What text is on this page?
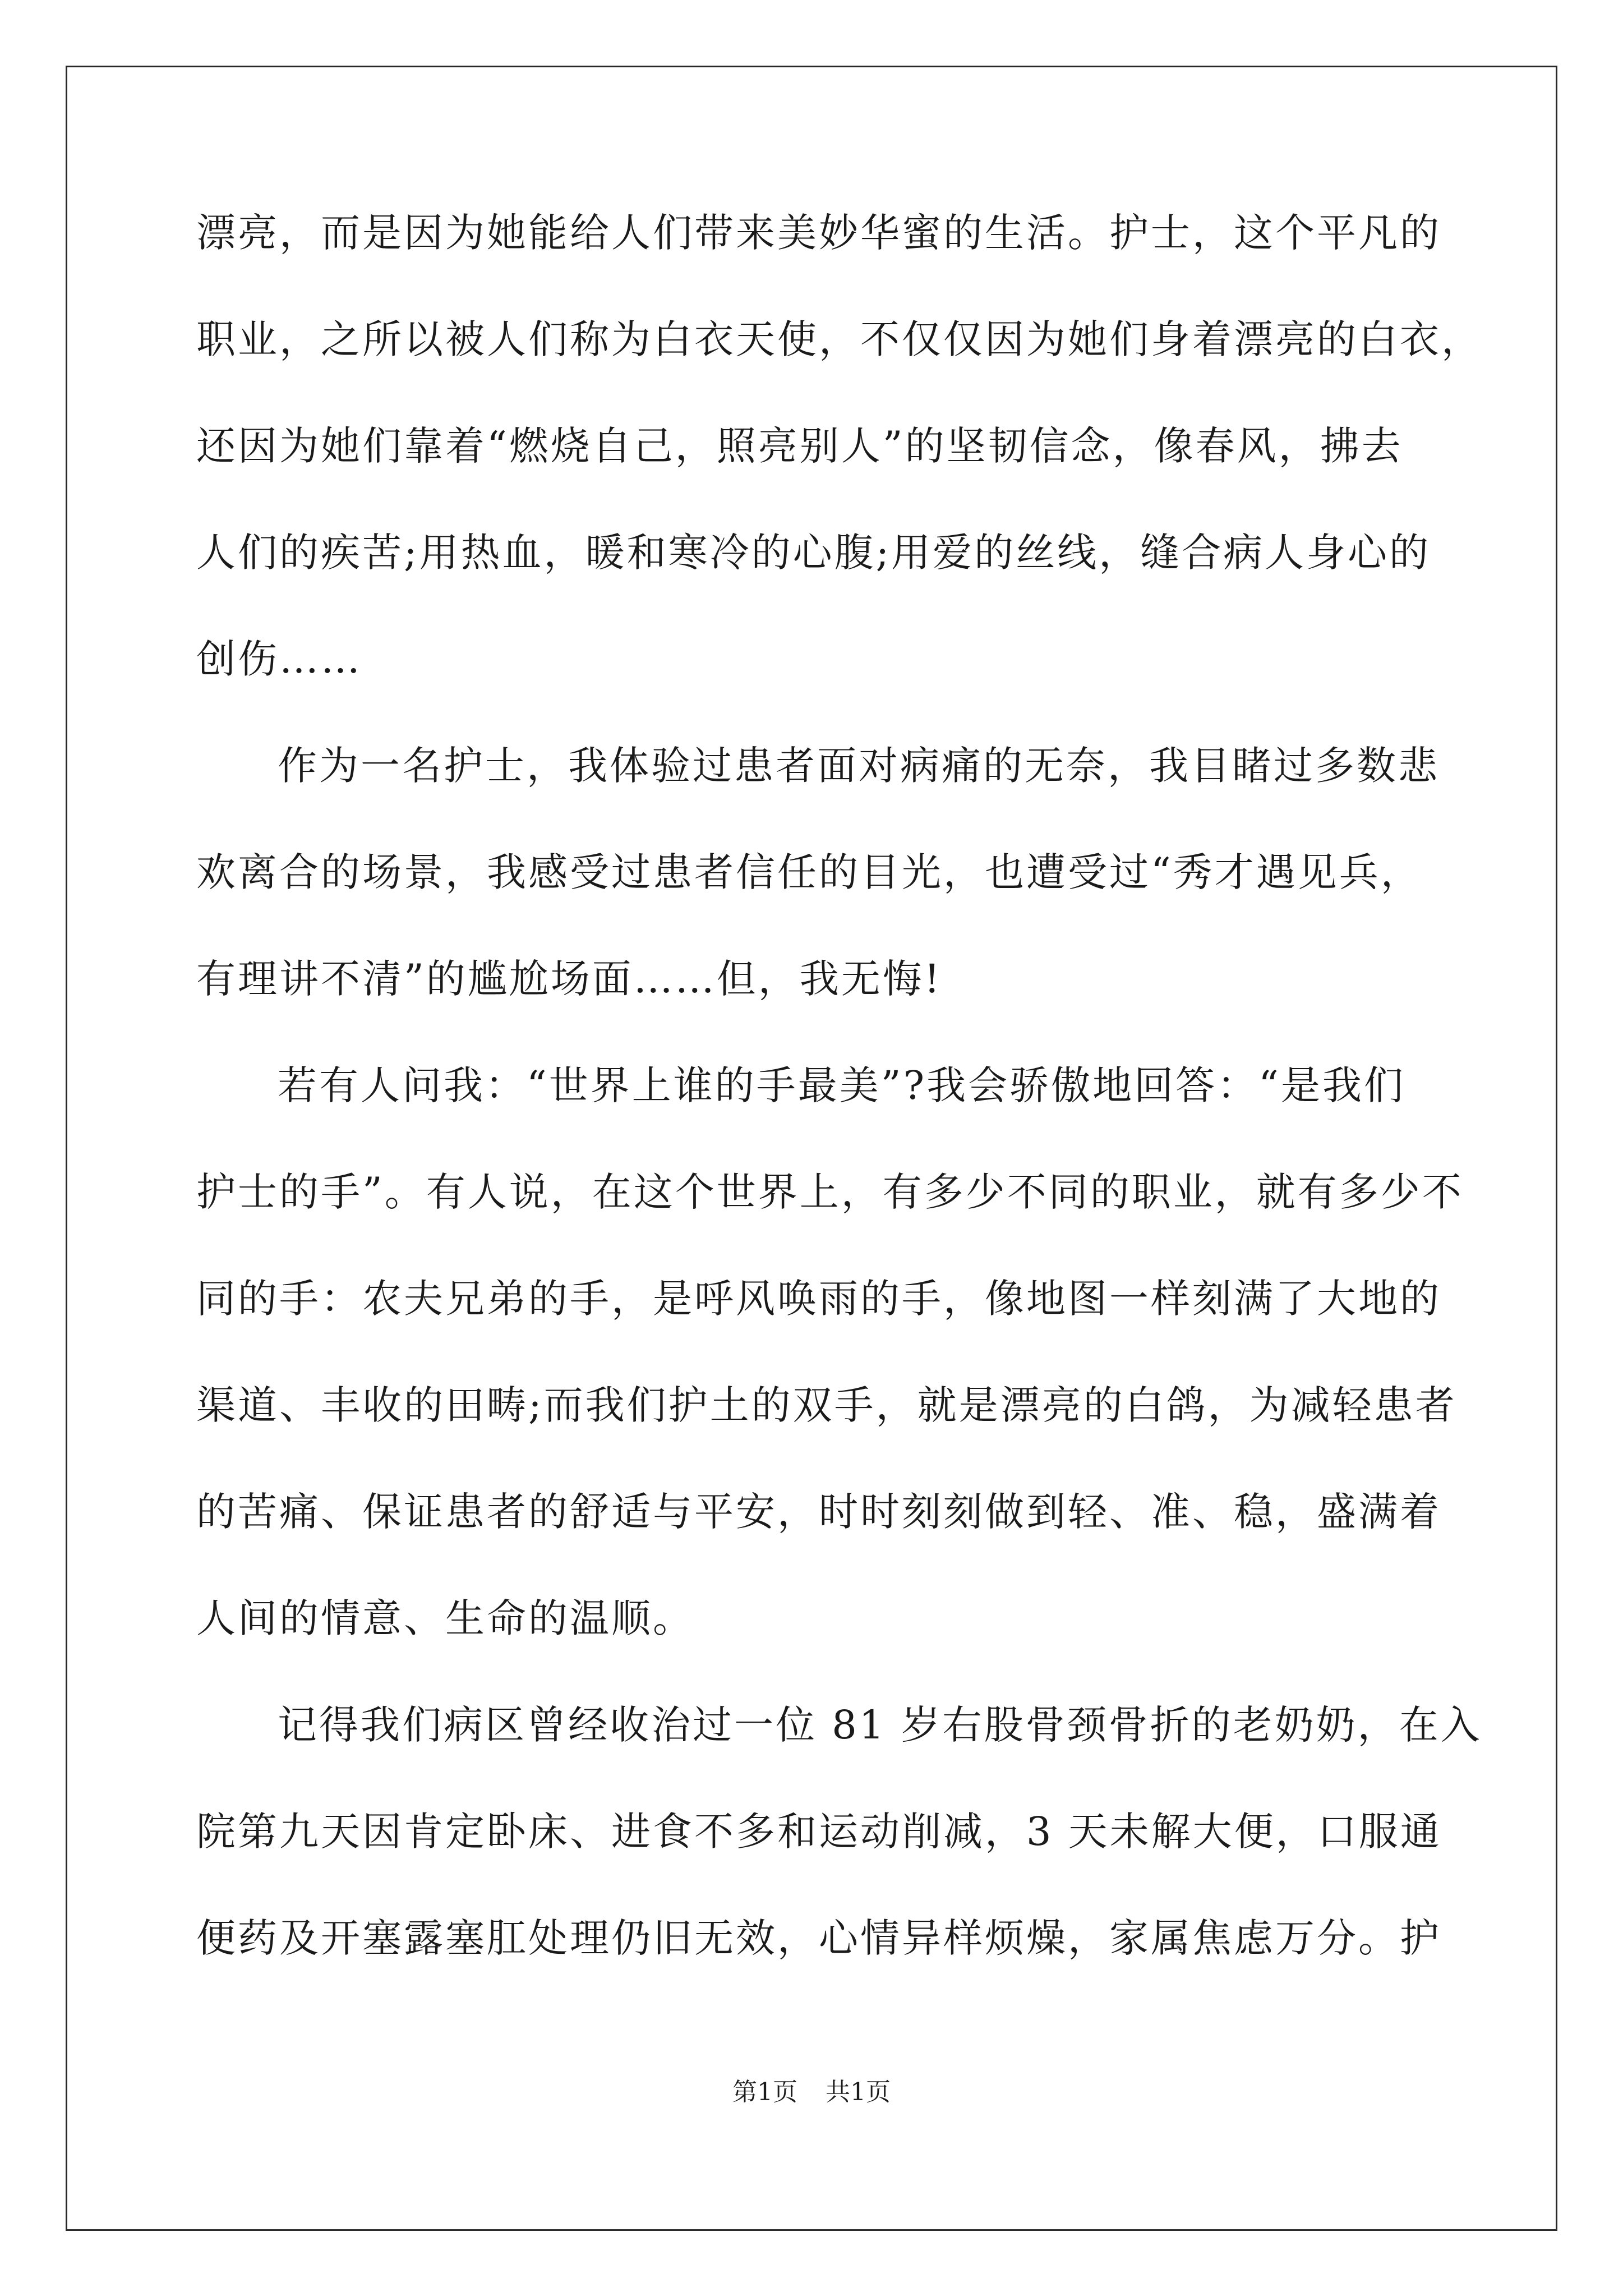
漂亮，而是因为她能给人们带来美妙华蜜的生活。护士，这个平凡的
职业，之所以被人们称为白衣天使，不仅仅因为她们身着漂亮的白衣，
还因为她们靠着“燃烧自己，照亮别人”的坚韧信念，像春风，拂去
人们的疾苦;用热血，暖和寒冷的心腹;用爱的丝线，缝合病人身心的
创伤……
作为一名护士，我体验过患者面对病痛的无奈，我目睹过多数悲
欢离合的场景，我感受过患者信任的目光，也遭受过“秀才遇见兵，
有理讲不清”的尴尬场面……但，我无悔!
若有人问我：“世界上谁的手最美”?我会骄傲地回答：“是我们
护士的手”。有人说，在这个世界上，有多少不同的职业，就有多少不
同的手：农夫兄弟的手，是呼风唤雨的手，像地图一样刻满了大地的
渠道、丰收的田畴;而我们护土的双手，就是漂亮的白鸽，为减轻患者
的苦痛、保证患者的舒适与平安，时时刻刻做到轻、准、稳，盛满着
人间的情意、生命的温顺。
记得我们病区曾经收治过一位 81 岁右股骨颈骨折的老奶奶，在入
院第九天因肯定卧床、进食不多和运动削减，3 天未解大便，口服通
便药及开塞露塞肛处理仍旧无效，心情异样烦燥，家属焦虑万分。护
第1页 共1页
